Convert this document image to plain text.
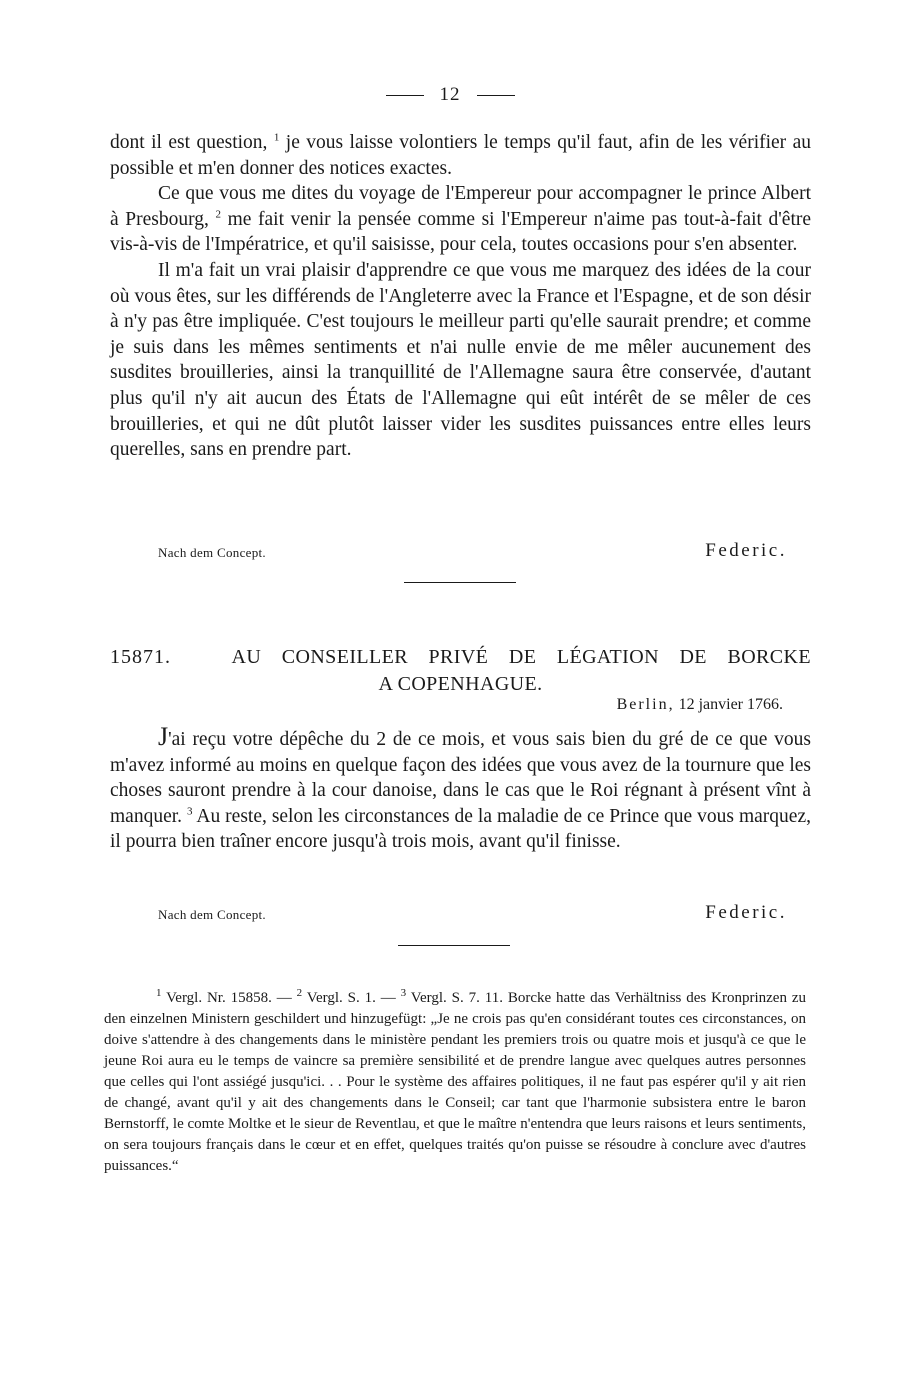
12

dont il est question, $^1$ je vous laisse volontiers le temps qu'il faut, afin de les vérifier au possible et m'en donner des notices exactes.

Ce que vous me dites du voyage de l'Empereur pour accompagner le prince Albert à Presbourg, $^2$ me fait venir la pensée comme si l'Empereur n'aime pas tout-à-fait d'être vis-à-vis de l'Impératrice, et qu'il saisisse, pour cela, toutes occasions pour s'en absenter.

Il m'a fait un vrai plaisir d'apprendre ce que vous me marquez des idées de la cour où vous êtes, sur les différends de l'Angleterre avec la France et l'Espagne, et de son désir à n'y pas être impliquée. C'est toujours le meilleur parti qu'elle saurait prendre; et comme je suis dans les mêmes sentiments et n'ai nulle envie de me mêler aucunement des susdites brouilleries, ainsi la tranquillité de l'Allemagne saura être conservée, d'autant plus qu'il n'y ait aucun des États de l'Allemagne qui eût intérêt de se mêler de ces brouilleries, et qui ne dût plutôt laisser vider les susdites puissances entre elles leurs querelles, sans en prendre part.

Nach dem Concept.	Federic.
15871.	AU CONSEILLER PRIVÉ DE LÉGATION DE BORCKE
A COPENHAGUE.
Berlin, 12 janvier 1766.

J'ai reçu votre dépêche du 2 de ce mois, et vous sais bien du gré de ce que vous m'avez informé au moins en quelque façon des idées que vous avez de la tournure que les choses sauront prendre à la cour danoise, dans le cas que le Roi régnant à présent vînt à manquer. $^3$ Au reste, selon les circonstances de la maladie de ce Prince que vous marquez, il pourra bien traîner encore jusqu'à trois mois, avant qu'il finisse.

Nach dem Concept.	Federic.

$^1$ Vergl. Nr. 15858. — $^2$ Vergl. S. 1. — $^3$ Vergl. S. 7. 11. Borcke hatte das Verhältniss des Kronprinzen zu den einzelnen Ministern geschildert und hinzugefügt: „Je ne crois pas qu'en considérant toutes ces circonstances, on doive s'attendre à des changements dans le ministère pendant les premiers trois ou quatre mois et jusqu'à ce que le jeune Roi aura eu le temps de vaincre sa première sensibilité et de prendre langue avec quelques autres personnes que celles qui l'ont assiégé jusqu'ici. . . Pour le système des affaires politiques, il ne faut pas espérer qu'il y ait rien de changé, avant qu'il y ait des changements dans le Conseil; car tant que l'harmonie subsistera entre le baron Bernstorff, le comte Moltke et le sieur de Reventlau, et que le maître n'entendra que leurs raisons et leurs sentiments, on sera toujours français dans le cœur et en effet, quelques traités qu'on puisse se résoudre à conclure avec d'autres puissances.“
